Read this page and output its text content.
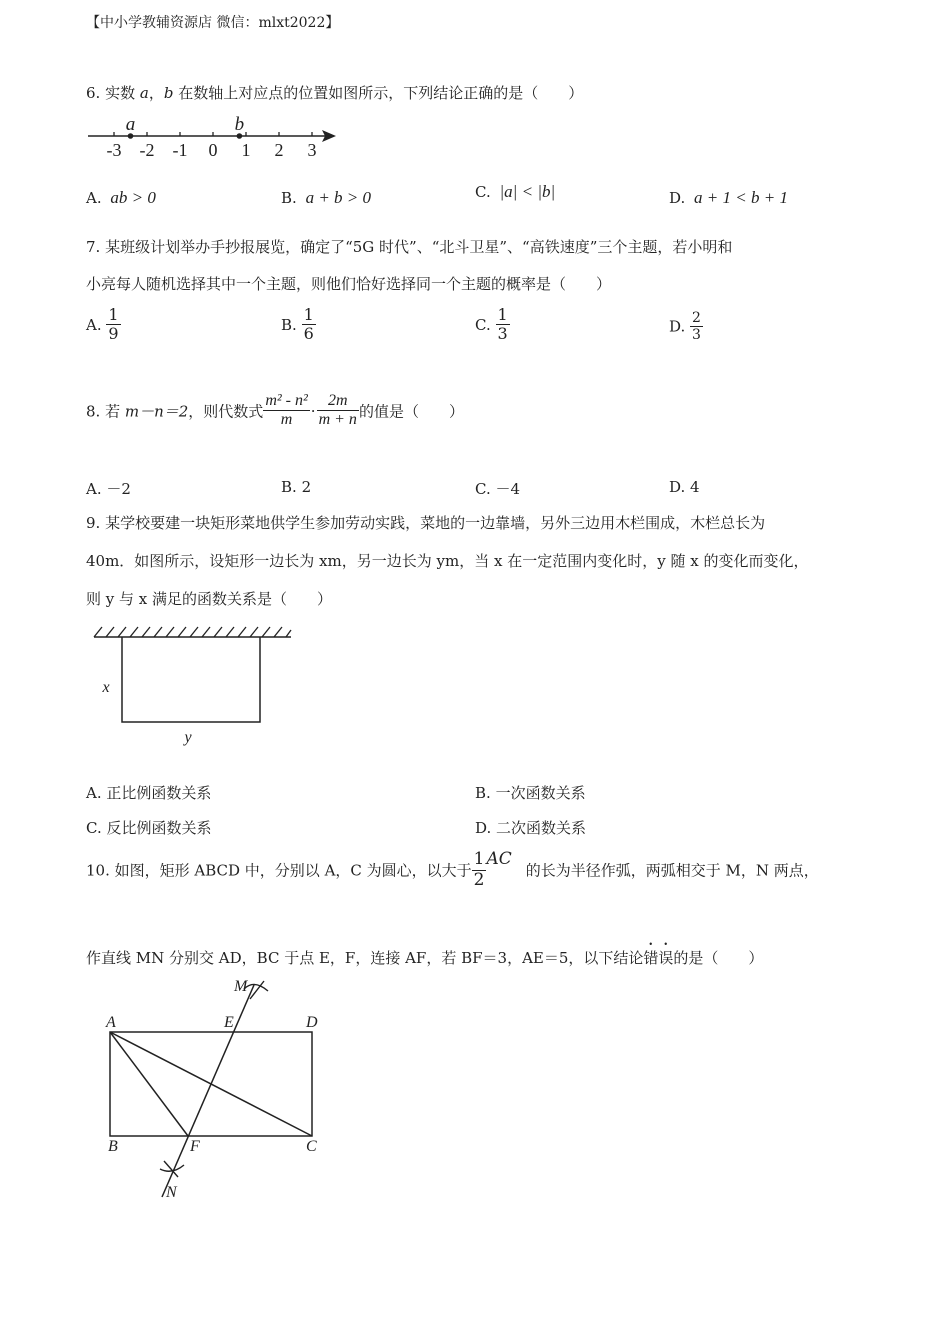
【中小学教辅资源店 微信：mlxt2022】
6. 实数 a，b 在数轴上对应点的位置如图所示，下列结论正确的是（　　）
-3 -2 -1 0 1 2 3
a	b
A. ab > 0	B. a + b > 0	C. |a| < |b|	D. a + 1 < b + 1
7. 某班级计划举办手抄报展览，确定了“5G 时代”、“北斗卫星”、“高铁速度”三个主题，若小明和
小亮每人随机选择其中一个主题，则他们恰好选择同一个主题的概率是（　　）
A. $\frac{1}{9}$	B. $\frac{1}{6}$	C. $\frac{1}{3}$	D. $\frac{2}{3}$
8. 若 m－n＝2，则代数式 $\frac{\text{m² - n²}}{m} \cdot \frac{2m}{m + n}$ 的值是（　　）
A. －2	B. 2	C. －4	D. 4
9. 某学校要建一块矩形菜地供学生参加劳动实践，菜地的一边靠墙，另外三边用木栏围成，木栏总长为
40m．如图所示，设矩形一边长为 xm，另一边长为 ym，当 x 在一定范围内变化时，y 随 x 的变化而变化，
则 y 与 x 满足的函数关系是（　　）
x
y
A. 正比例函数关系	B. 一次函数关系
C. 反比例函数关系	D. 二次函数关系
10. 如图，矩形 ABCD 中，分别以 A，C 为圆心，以大于 $\frac{1}{2}$ AC的长为半径作弧，两弧相交于 M，N 两点，
作直线 MN 分别交 AD，BC 于点 E，F，连接 AF，若 BF＝3，AE＝5，以下结论错误的是（　　）
A	E	D
B	F	C
M
N
